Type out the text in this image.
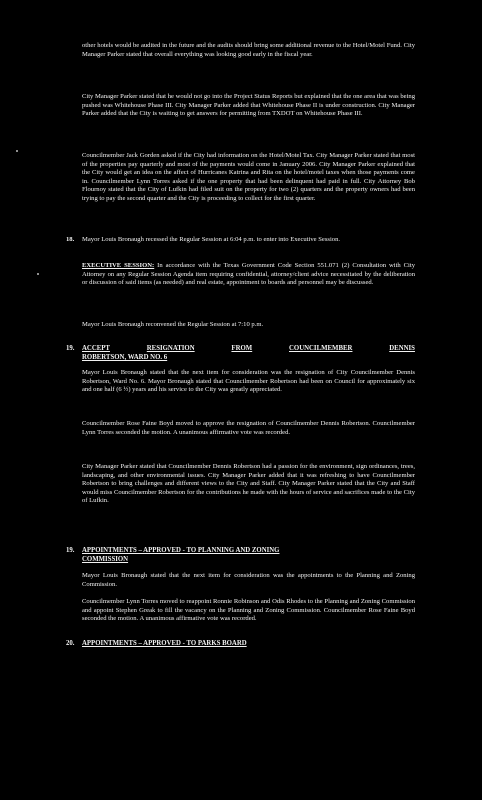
other hotels would be audited in the future and the audits should bring some additional revenue to the Hotel/Motel Fund. City Manager Parker stated that overall everything was looking good early in the fiscal year.

City Manager Parker stated that he would not go into the Project Status Reports but explained that the one area that was being pushed was Whitehouse Phase III. City Manager Parker added that Whitehouse Phase II is under construction. City Manager Parker added that the City is waiting to get answers for permitting from TXDOT on Whitehouse Phase III.

Councilmember Jack Gorden asked if the City had information on the Hotel/Motel Tax. City Manager Parker stated that most of the properties pay quarterly and most of the payments would come in January 2006. City Manager Parker explained that the City would get an idea on the affect of Hurricanes Katrina and Rita on the hotel/motel taxes when those payments come in. Councilmember Lynn Torres asked if the one property that had been delinquent had paid in full. City Attorney Bob Flournoy stated that the City of Lufkin had filed suit on the property for two (2) quarters and the property owners had been trying to pay the second quarter and the City is proceeding to collect for the first quarter.

18. Mayor Louis Bronaugh recessed the Regular Session at 6:04 p.m. to enter into Executive Session.

EXECUTIVE SESSION: In accordance with the Texas Government Code Section 551.071 (2) Consultation with City Attorney on any Regular Session Agenda item requiring confidential, attorney/client advice necessitated by the deliberation or discussion of said items (as needed) and real estate, appointment to boards and personnel may be discussed.

Mayor Louis Bronaugh reconvened the Regular Session at 7:10 p.m.

19. ACCEPT	RESIGNATION	FROM	COUNCILMEMBER	DENNIS
ROBERTSON, WARD NO. 6

Mayor Louis Bronaugh stated that the next item for consideration was the resignation of City Councilmember Dennis Robertson, Ward No. 6. Mayor Bronaugh stated that Councilmember Robertson had been on Council for approximately six and one half (6 ½) years and his service to the City was greatly appreciated.

Councilmember Rose Faine Boyd moved to approve the resignation of Councilmember Dennis Robertson. Councilmember Lynn Torres seconded the motion. A unanimous affirmative vote was recorded.

City Manager Parker stated that Councilmember Dennis Robertson had a passion for the environment, sign ordinances, trees, landscaping, and other environmental issues. City Manager Parker added that it was refreshing to have Councilmember Robertson to bring challenges and different views to the City and Staff. City Manager Parker stated that the City and Staff would miss Councilmember Robertson for the contributions he made with the hours of service and sacrifices made to the City of Lufkin.

19. APPOINTMENTS – APPROVED - TO PLANNING AND ZONING
COMMISSION

Mayor Louis Bronaugh stated that the next item for consideration was the appointments to the Planning and Zoning Commission.

Councilmember Lynn Torres moved to reappoint Ronnie Robinson and Odis Rhodes to the Planning and Zoning Commission and appoint Stephen Greak to fill the vacancy on the Planning and Zoning Commission. Councilmember Rose Faine Boyd seconded the motion. A unanimous affirmative vote was recorded.

20. APPOINTMENTS – APPROVED - TO PARKS BOARD
